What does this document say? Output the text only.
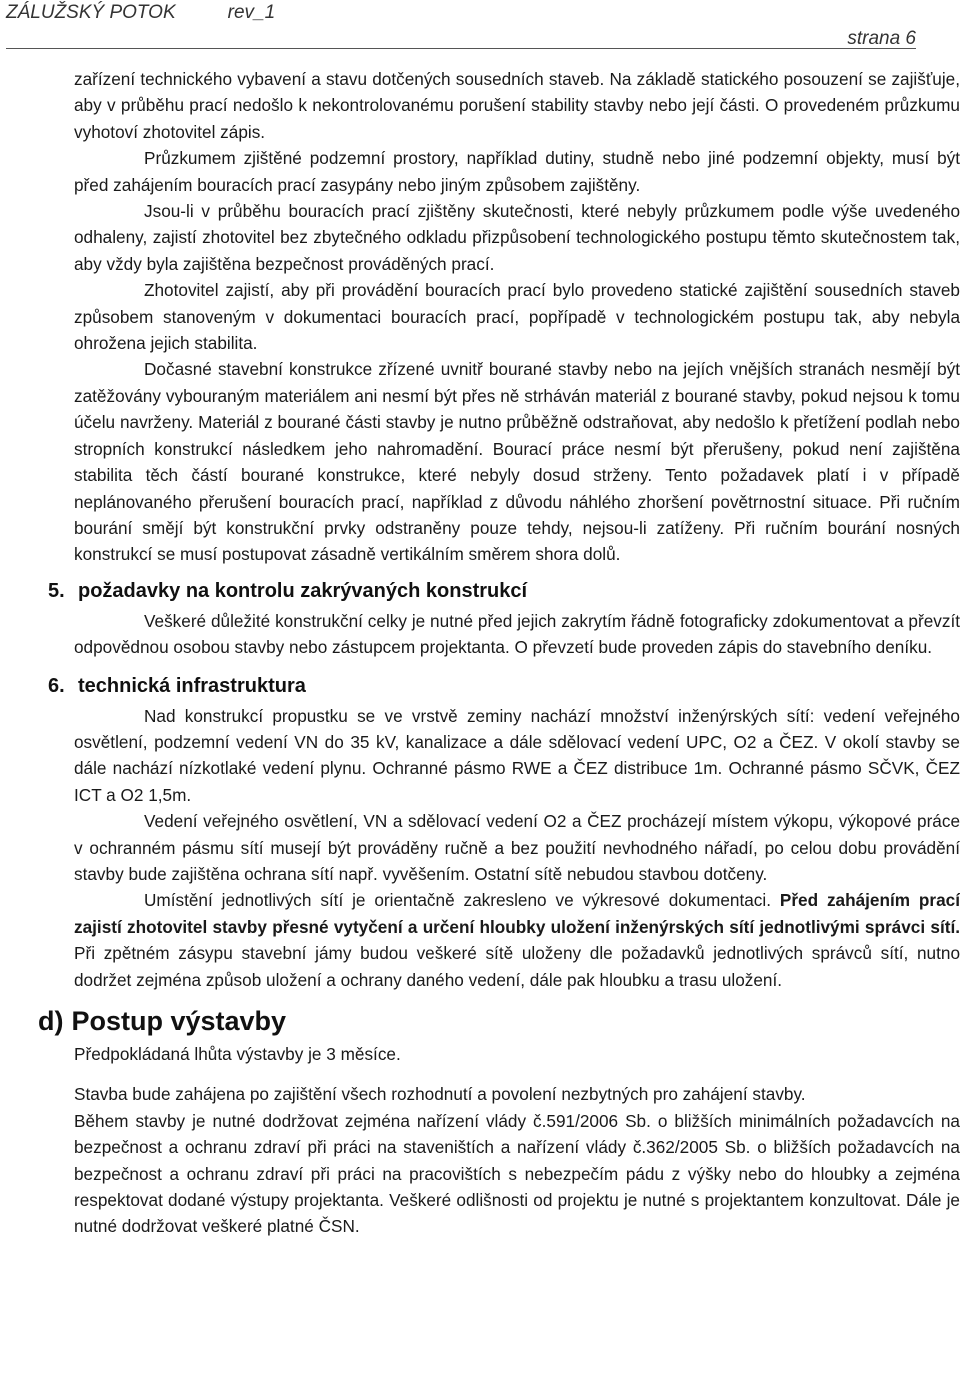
ZÁLUŽSKÝ POTOK	rev_1
strana 6

zařízení technického vybavení a stavu dotčených sousedních staveb. Na základě statického posouzení se zajišťuje, aby v průběhu prací nedošlo k nekontrolovanému porušení stability stavby nebo její části. O provedeném průzkumu vyhotoví zhotovitel zápis.

Průzkumem zjištěné podzemní prostory, například dutiny, studně nebo jiné podzemní objekty, musí být před zahájením bouracích prací zasypány nebo jiným způsobem zajištěny.

Jsou-li v průběhu bouracích prací zjištěny skutečnosti, které nebyly průzkumem podle výše uvedeného odhaleny, zajistí zhotovitel bez zbytečného odkladu přizpůsobení technologického postupu těmto skutečnostem tak, aby vždy byla zajištěna bezpečnost prováděných prací.

Zhotovitel zajistí, aby při provádění bouracích prací bylo provedeno statické zajištění sousedních staveb způsobem stanoveným v dokumentaci bouracích prací, popřípadě v technologickém postupu tak, aby nebyla ohrožena jejich stabilita.

Dočasné stavební konstrukce zřízené uvnitř bourané stavby nebo na jejích vnějších stranách nesmějí být zatěžovány vybouraným materiálem ani nesmí být přes ně strháván materiál z bourané stavby, pokud nejsou k tomu účelu navrženy. Materiál z bourané části stavby je nutno průběžně odstraňovat, aby nedošlo k přetížení podlah nebo stropních konstrukcí následkem jeho nahromadění. Bourací práce nesmí být přerušeny, pokud není zajištěna stabilita těch částí bourané konstrukce, které nebyly dosud strženy. Tento požadavek platí i v případě neplánovaného přerušení bouracích prací, například z důvodu náhlého zhoršení povětrnostní situace. Při ručním bourání smějí být konstrukční prvky odstraněny pouze tehdy, nejsou-li zatíženy. Při ručním bourání nosných konstrukcí se musí postupovat zásadně vertikálním směrem shora dolů.

5. požadavky na kontrolu zakrývaných konstrukcí

Veškeré důležité konstrukční celky je nutné před jejich zakrytím řádně fotograficky zdokumentovat a převzít odpovědnou osobou stavby nebo zástupcem projektanta. O převzetí bude proveden zápis do stavebního deníku.

6. technická infrastruktura

Nad konstrukcí propustku se ve vrstvě zeminy nachází množství inženýrských sítí: vedení veřejného osvětlení, podzemní vedení VN do 35 kV, kanalizace a dále sdělovací vedení UPC, O2 a ČEZ. V okolí stavby se dále nachází nízkotlaké vedení plynu. Ochranné pásmo RWE a ČEZ distribuce 1m. Ochranné pásmo SČVK, ČEZ ICT a O2 1,5m.

Vedení veřejného osvětlení, VN a sdělovací vedení O2 a ČEZ procházejí místem výkopu, výkopové práce v ochranném pásmu sítí musejí být prováděny ručně a bez použití nevhodného nářadí, po celou dobu provádění stavby bude zajištěna ochrana sítí např. vyvěšením. Ostatní sítě nebudou stavbou dotčeny.

Umístění jednotlivých sítí je orientačně zakresleno ve výkresové dokumentaci. Před zahájením prací zajistí zhotovitel stavby přesné vytyčení a určení hloubky uložení inženýrských sítí jednotlivými správci sítí. Při zpětném zásypu stavební jámy budou veškeré sítě uloženy dle požadavků jednotlivých správců sítí, nutno dodržet zejména způsob uložení a ochrany daného vedení, dále pak hloubku a trasu uložení.

d) Postup výstavby

Předpokládaná lhůta výstavby je 3 měsíce.

Stavba bude zahájena po zajištění všech rozhodnutí a povolení nezbytných pro zahájení stavby.

Během stavby je nutné dodržovat zejména nařízení vlády č.591/2006 Sb. o bližších minimálních požadavcích na bezpečnost a ochranu zdraví při práci na staveništích a nařízení vlády č.362/2005 Sb. o bližších požadavcích na bezpečnost a ochranu zdraví při práci na pracovištích s nebezpečím pádu z výšky nebo do hloubky a zejména respektovat dodané výstupy projektanta. Veškeré odlišnosti od projektu je nutné s projektantem konzultovat. Dále je nutné dodržovat veškeré platné ČSN.
